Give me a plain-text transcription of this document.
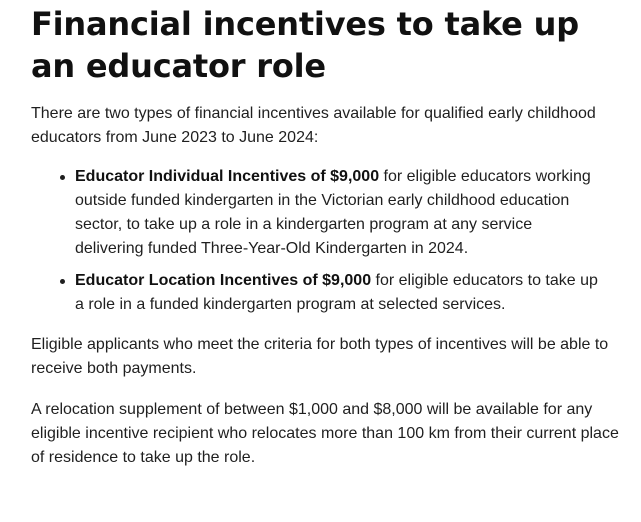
Financial incentives to take up an educator role

There are two types of financial incentives available for qualified early childhood educators from June 2023 to June 2024:

Educator Individual Incentives of $9,000 for eligible educators working outside funded kindergarten in the Victorian early childhood education sector, to take up a role in a kindergarten program at any service delivering funded Three-Year-Old Kindergarten in 2024.
Educator Location Incentives of $9,000 for eligible educators to take up a role in a funded kindergarten program at selected services.

Eligible applicants who meet the criteria for both types of incentives will be able to receive both payments.

A relocation supplement of between $1,000 and $8,000 will be available for any eligible incentive recipient who relocates more than 100 km from their current place of residence to take up the role.
